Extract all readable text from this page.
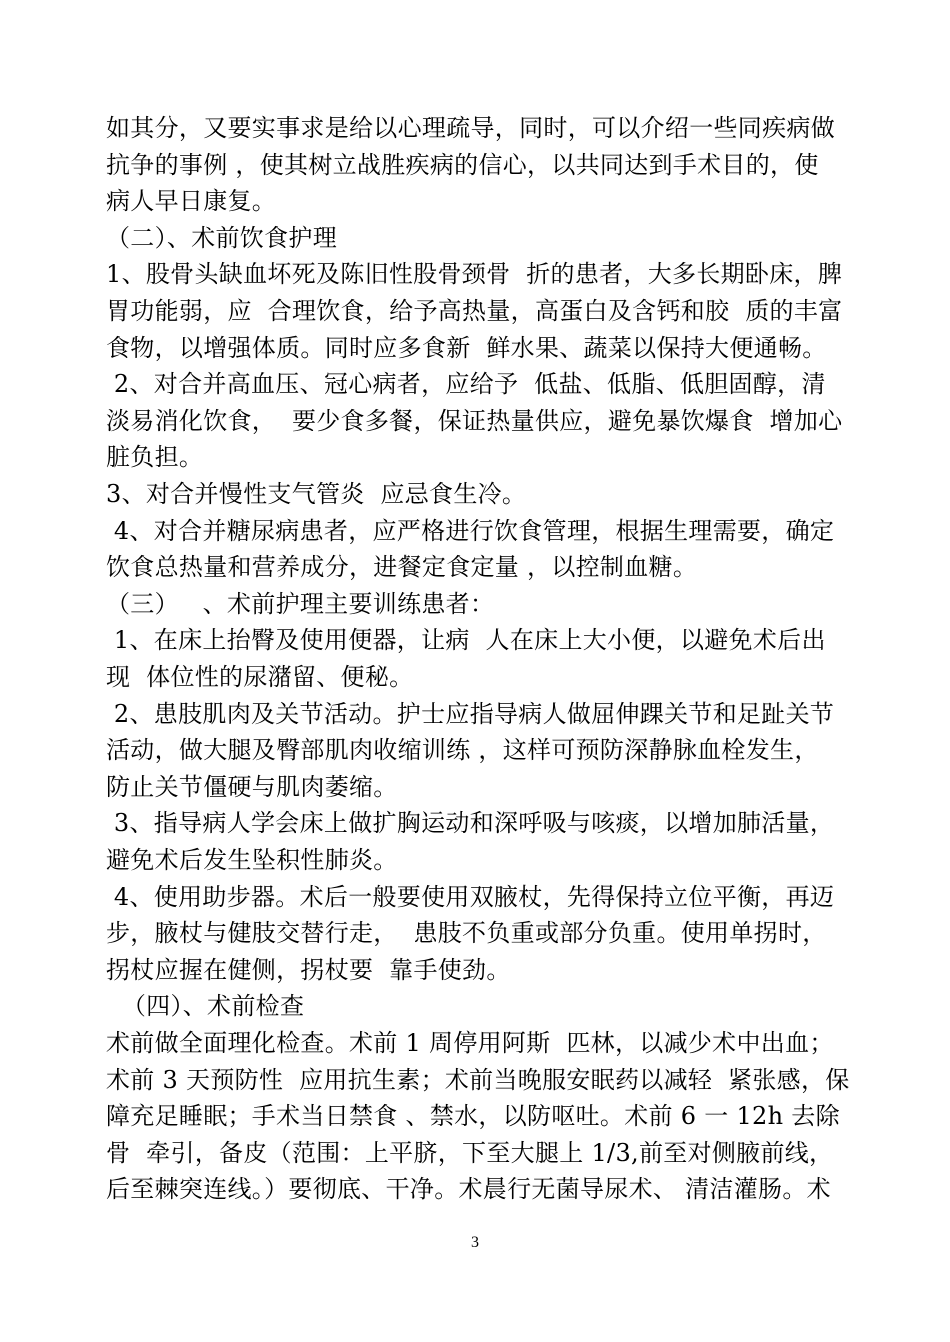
如其分，又要实事求是给以心理疏导，同时，可以介绍一些同疾病做
抗争的事例 ，使其树立战胜疾病的信心，以共同达到手术目的，使
病人早日康复。
（二）、术前饮食护理
1、股骨头缺血坏死及陈旧性股骨颈骨  折的患者，大多长期卧床，脾
胃功能弱，应  合理饮食，给予高热量，高蛋白及含钙和胶  质的丰富
食物，以增强体质。同时应多食新  鲜水果、蔬菜以保持大便通畅。
2、对合并高血压、冠心病者，应给予  低盐、低脂、低胆固醇，清
淡易消化饮食，  要少食多餐，保证热量供应，避免暴饮爆食  增加心
脏负担。
3、对合并慢性支气管炎  应忌食生冷。
4、对合并糖尿病患者，应严格进行饮食管理，根据生理需要，确定
饮食总热量和营养成分，进餐定食定量 ，以控制血糖。
（三）   、术前护理主要训练患者：
1、在床上抬臀及使用便器，让病  人在床上大小便，以避免术后出
现  体位性的尿潴留、便秘。
2、患肢肌肉及关节活动。护士应指导病人做屈伸踝关节和足趾关节
活动，做大腿及臀部肌肉收缩训练 ，这样可预防深静脉血栓发生，
防止关节僵硬与肌肉萎缩。
3、指导病人学会床上做扩胸运动和深呼吸与咳痰，以增加肺活量，
避免术后发生坠积性肺炎。
4、使用助步器。术后一般要使用双腋杖，先得保持立位平衡，再迈
步，腋杖与健肢交替行走，  患肢不负重或部分负重。使用单拐时，
拐杖应握在健侧，拐杖要  靠手使劲。
（四）、术前检查
术前做全面理化检查。术前 1 周停用阿斯  匹林，以减少术中出血；
术前 3 天预防性  应用抗生素；术前当晚服安眠药以减轻  紧张感，保
障充足睡眠；手术当日禁食 、禁水，以防呕吐。术前 6 一 12h 去除
骨  牵引，备皮（范围：上平脐，下至大腿上 1/3,前至对侧腋前线，
后至棘突连线。）要彻底、干净。术晨行无菌导尿术、 清洁灌肠。术
3
